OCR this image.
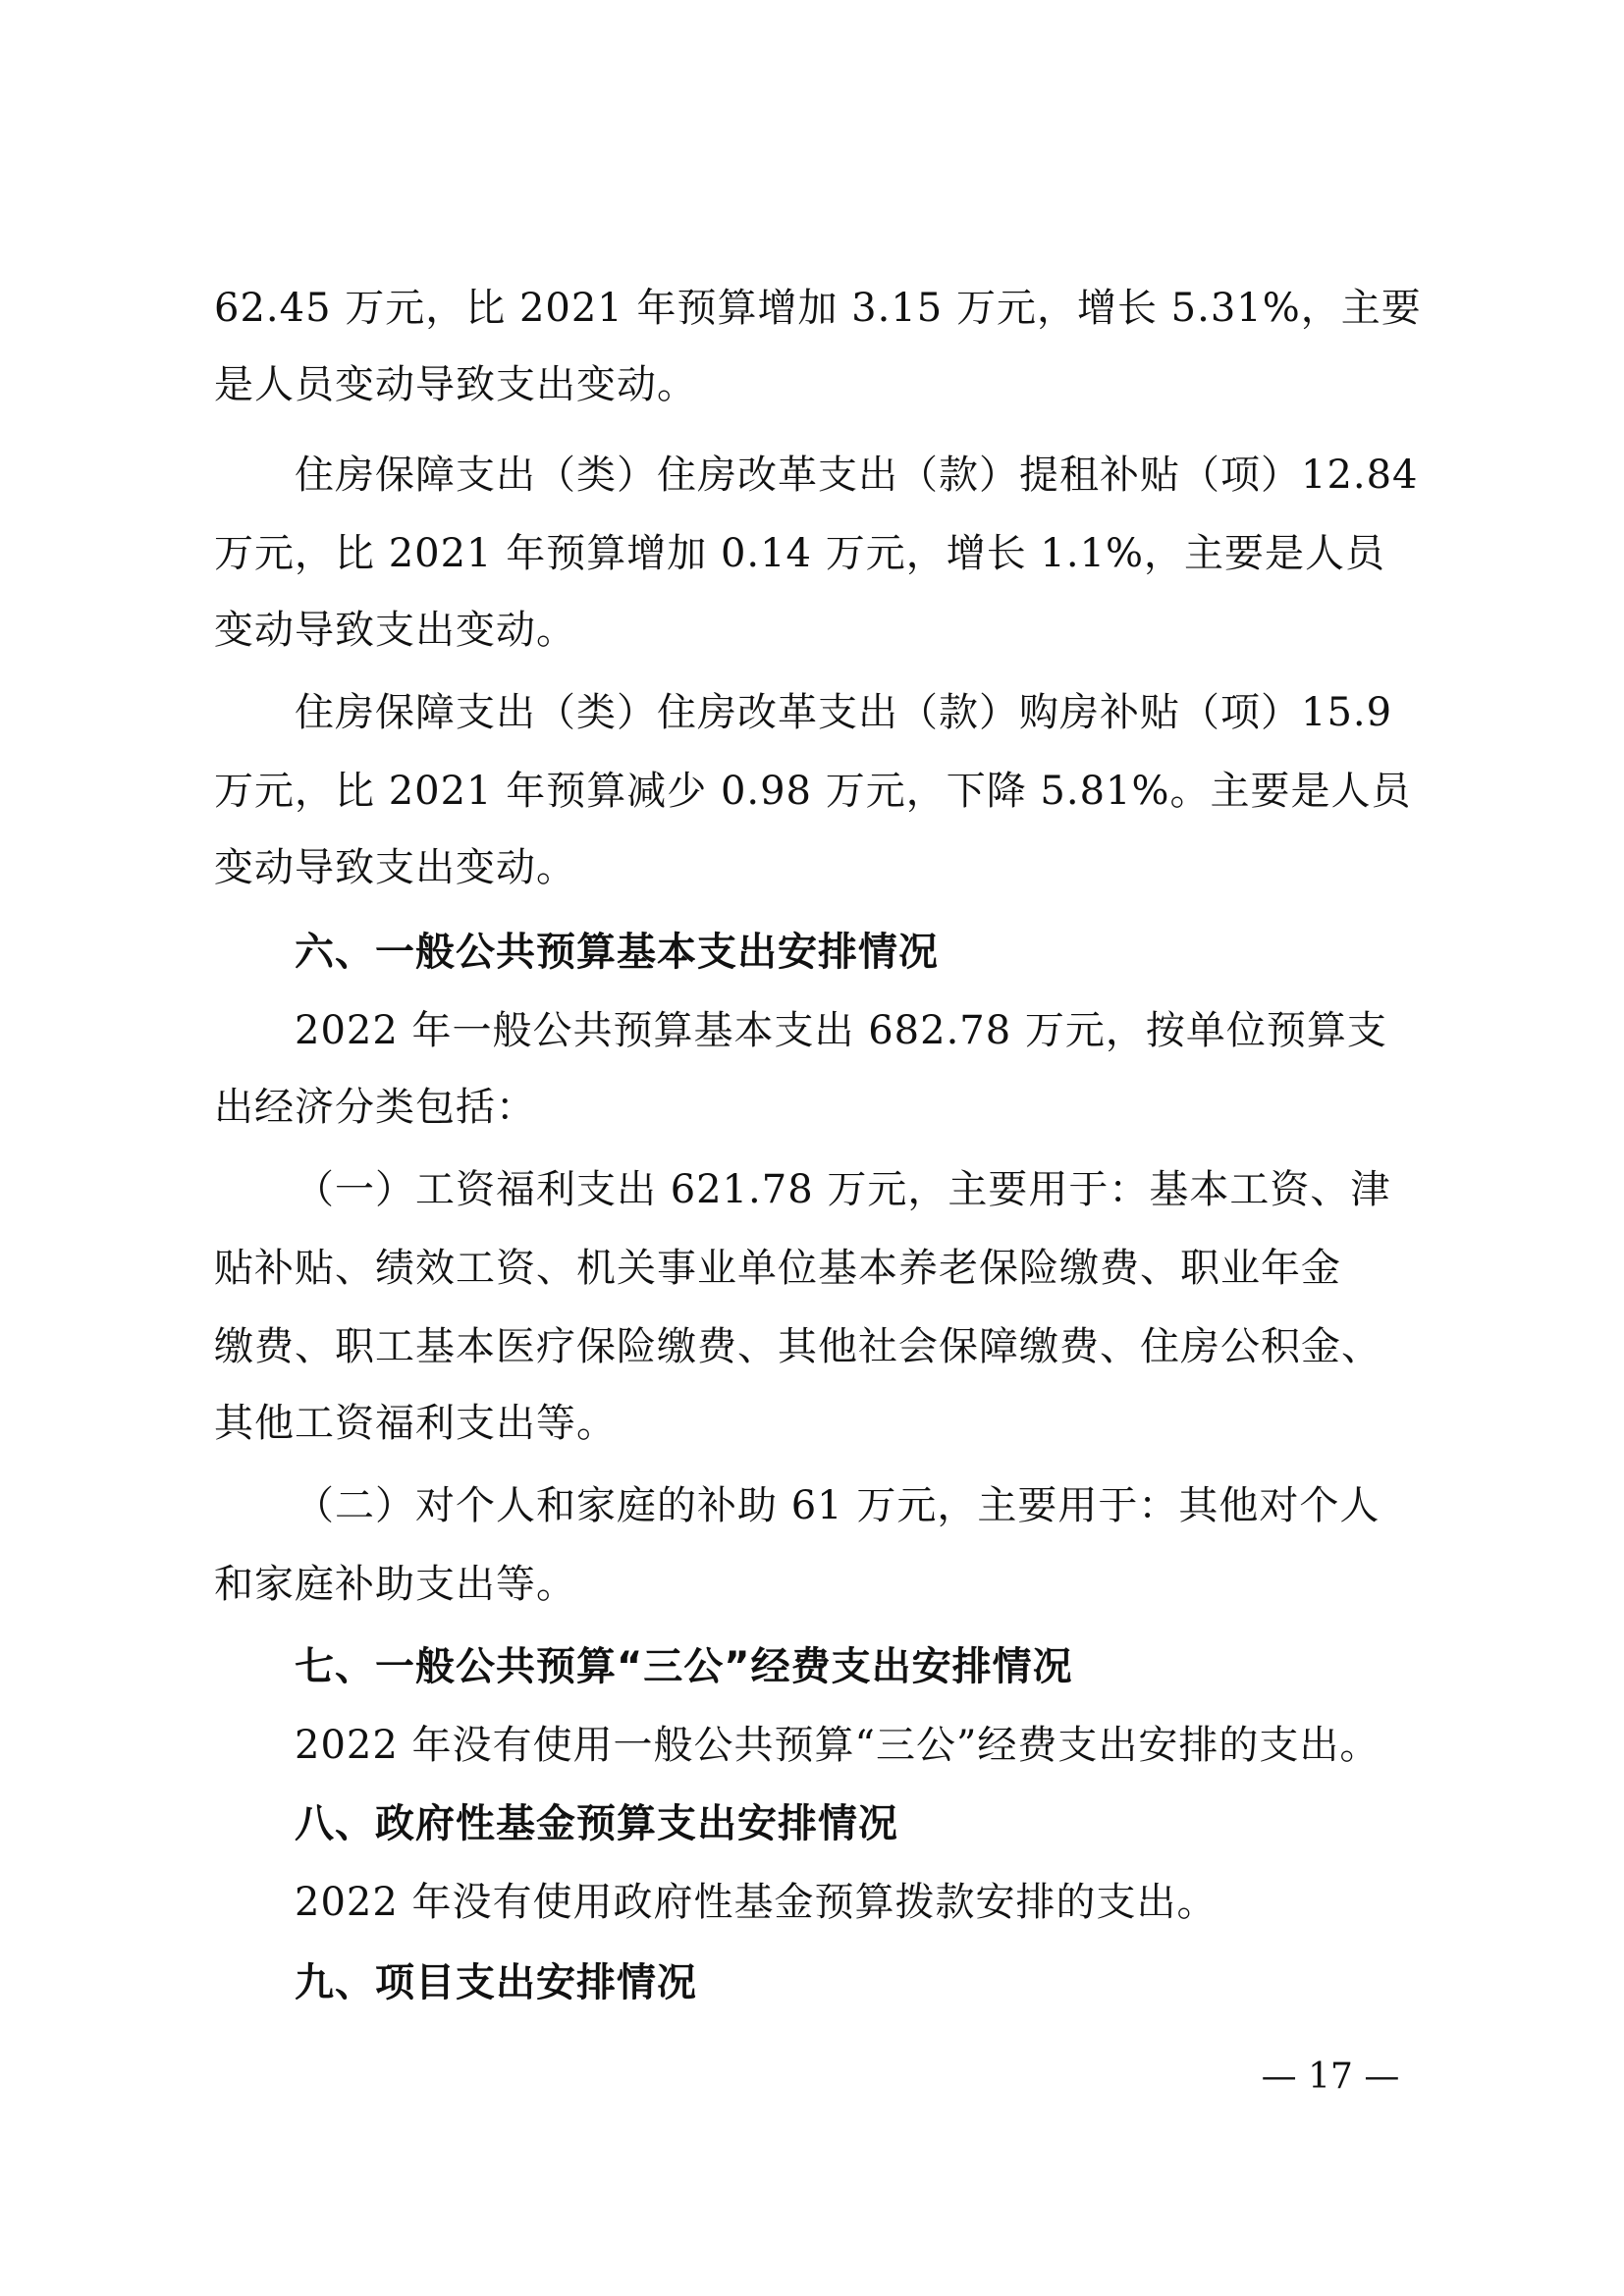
62.45 万元，比 2021 年预算增加 3.15 万元，增长 5.31%，主要
是人员变动导致支出变动。
住房保障支出（类）住房改革支出（款）提租补贴（项）12.84
万元，比 2021 年预算增加 0.14 万元，增长 1.1%，主要是人员
变动导致支出变动。
住房保障支出（类）住房改革支出（款）购房补贴（项）15.9
万元，比 2021 年预算减少 0.98 万元，下降 5.81%。主要是人员
变动导致支出变动。
六、一般公共预算基本支出安排情况
2022 年一般公共预算基本支出 682.78 万元，按单位预算支
出经济分类包括：
（一）工资福利支出 621.78 万元，主要用于：基本工资、津
贴补贴、绩效工资、机关事业单位基本养老保险缴费、职业年金
缴费、职工基本医疗保险缴费、其他社会保障缴费、住房公积金、
其他工资福利支出等。
（二）对个人和家庭的补助 61 万元，主要用于：其他对个人
和家庭补助支出等。
七、一般公共预算“三公”经费支出安排情况
2022 年没有使用一般公共预算“三公”经费支出安排的支出。
八、政府性基金预算支出安排情况
2022 年没有使用政府性基金预算拨款安排的支出。
九、项目支出安排情况
— 17 —
